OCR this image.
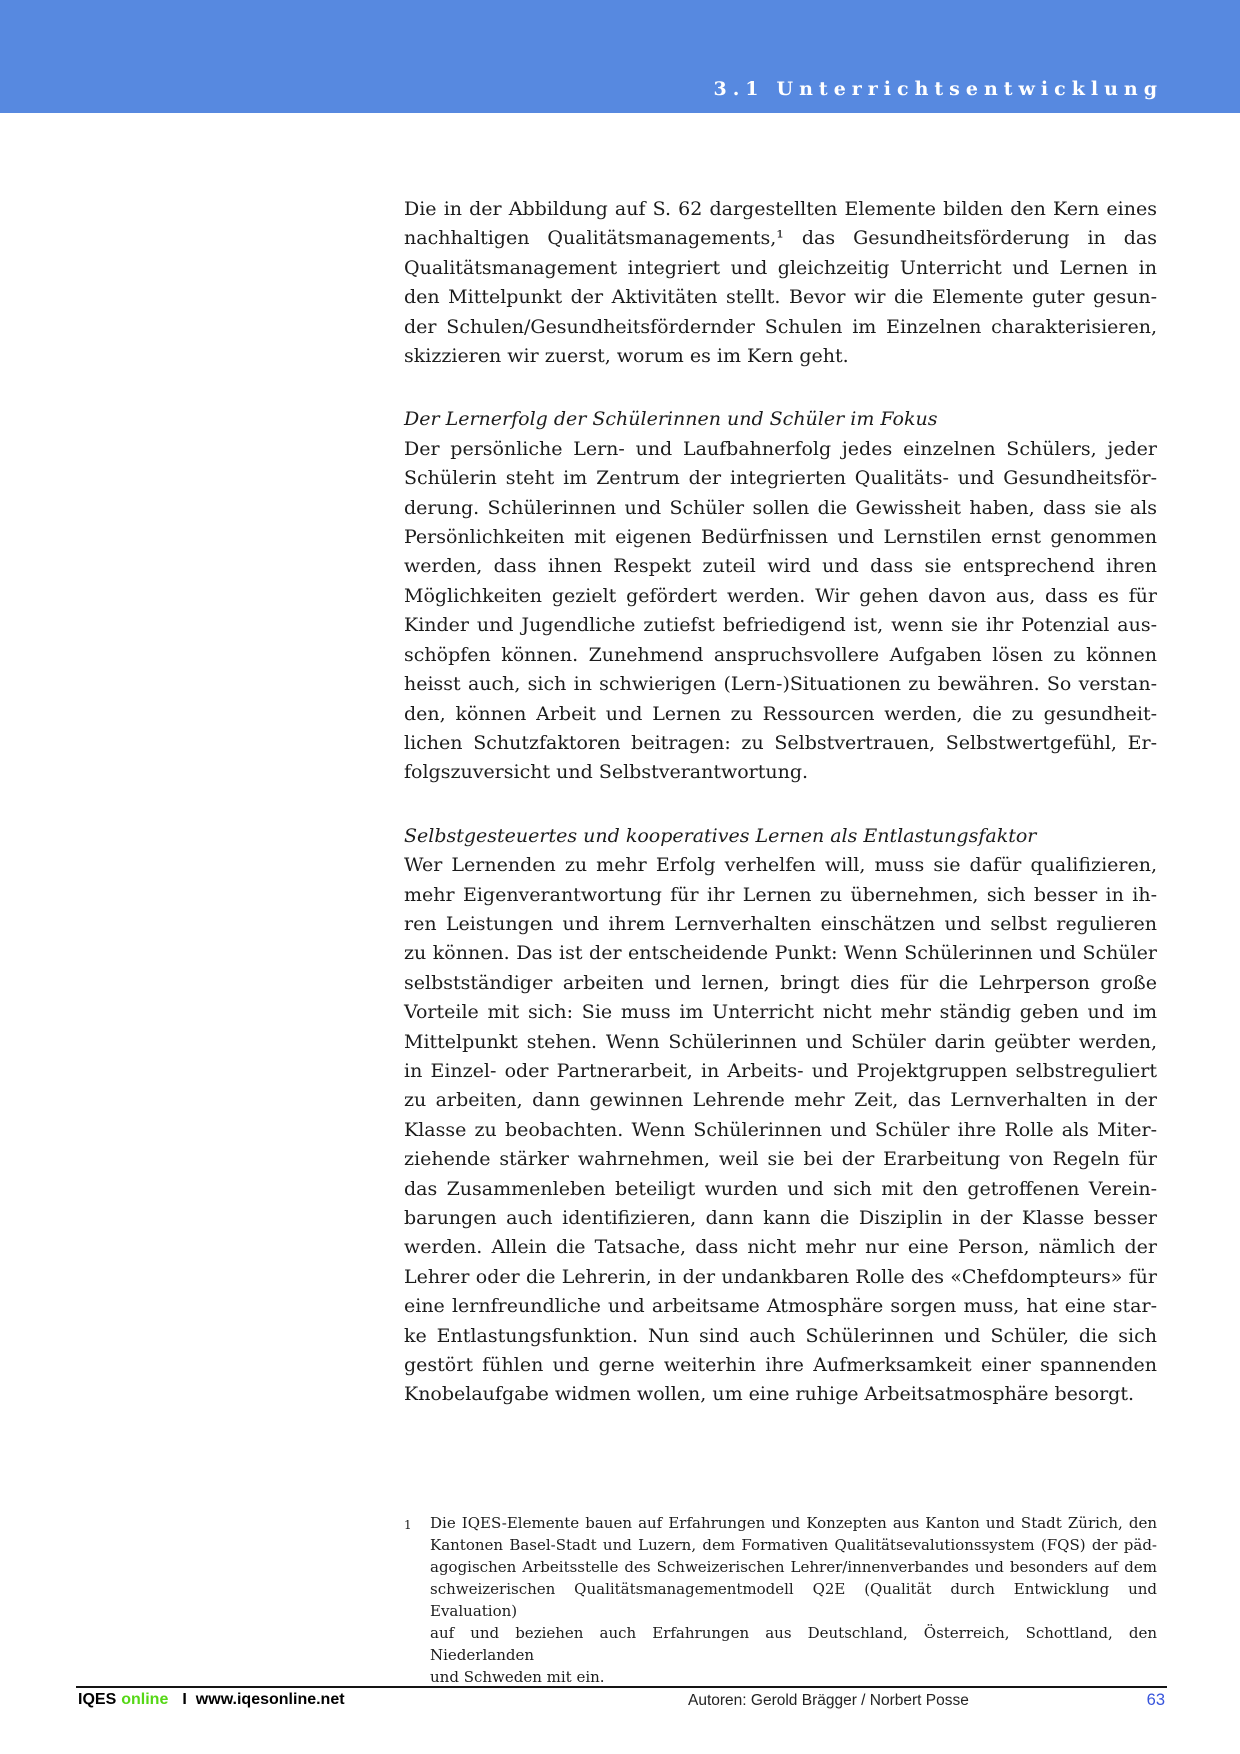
3.1 Unterrichtsentwicklung
Die in der Abbildung auf S. 62 dargestellten Elemente bilden den Kern eines
nachhaltigen Qualitätsmanagements,¹ das Gesundheitsförderung in das
Qualitätsmanagement integriert und gleichzeitig Unterricht und Lernen in
den Mittelpunkt der Aktivitäten stellt. Bevor wir die Elemente guter gesun-
der Schulen/Gesundheitsfördernder Schulen im Einzelnen charakterisieren,
skizzieren wir zuerst, worum es im Kern geht.
Der Lernerfolg der Schülerinnen und Schüler im Fokus
Der persönliche Lern- und Laufbahnerfolg jedes einzelnen Schülers, jeder
Schülerin steht im Zentrum der integrierten Qualitäts- und Gesundheitsför-
derung. Schülerinnen und Schüler sollen die Gewissheit haben, dass sie als
Persönlichkeiten mit eigenen Bedürfnissen und Lernstilen ernst genommen
werden, dass ihnen Respekt zuteil wird und dass sie entsprechend ihren
Möglichkeiten gezielt gefördert werden. Wir gehen davon aus, dass es für
Kinder und Jugendliche zutiefst befriedigend ist, wenn sie ihr Potenzial aus-
schöpfen können. Zunehmend anspruchsvollere Aufgaben lösen zu können
heisst auch, sich in schwierigen (Lern-)Situationen zu bewähren. So verstan-
den, können Arbeit und Lernen zu Ressourcen werden, die zu gesundheit-
lichen Schutzfaktoren beitragen: zu Selbstvertrauen, Selbstwertgefühl, Er-
folgszuversicht und Selbstverantwortung.
Selbstgesteuertes und kooperatives Lernen als Entlastungsfaktor
Wer Lernenden zu mehr Erfolg verhelfen will, muss sie dafür qualifizieren,
mehr Eigenverantwortung für ihr Lernen zu übernehmen, sich besser in ih-
ren Leistungen und ihrem Lernverhalten einschätzen und selbst regulieren
zu können. Das ist der entscheidende Punkt: Wenn Schülerinnen und Schüler
selbstständiger arbeiten und lernen, bringt dies für die Lehrperson große
Vorteile mit sich: Sie muss im Unterricht nicht mehr ständig geben und im
Mittelpunkt stehen. Wenn Schülerinnen und Schüler darin geübter werden,
in Einzel- oder Partnerarbeit, in Arbeits- und Projektgruppen selbstreguliert
zu arbeiten, dann gewinnen Lehrende mehr Zeit, das Lernverhalten in der
Klasse zu beobachten. Wenn Schülerinnen und Schüler ihre Rolle als Miter-
ziehende stärker wahrnehmen, weil sie bei der Erarbeitung von Regeln für
das Zusammenleben beteiligt wurden und sich mit den getroffenen Verein-
barungen auch identifizieren, dann kann die Disziplin in der Klasse besser
werden. Allein die Tatsache, dass nicht mehr nur eine Person, nämlich der
Lehrer oder die Lehrerin, in der undankbaren Rolle des «Chefdompteurs» für
eine lernfreundliche und arbeitsame Atmosphäre sorgen muss, hat eine star-
ke Entlastungsfunktion. Nun sind auch Schülerinnen und Schüler, die sich
gestört fühlen und gerne weiterhin ihre Aufmerksamkeit einer spannenden
Knobelaufgabe widmen wollen, um eine ruhige Arbeitsatmosphäre besorgt.
1	Die IQES-Elemente bauen auf Erfahrungen und Konzepten aus Kanton und Stadt Zürich, den
Kantonen Basel-Stadt und Luzern, dem Formativen Qualitätsevalutionssystem (FQS) der päd-
agogischen Arbeitsstelle des Schweizerischen Lehrer/innenverbandes und besonders auf dem
schweizerischen Qualitätsmanagementmodell Q2E (Qualität durch Entwicklung und Evaluation)
auf und beziehen auch Erfahrungen aus Deutschland, Österreich, Schottland, den Niederlanden
und Schweden mit ein.
IQES online I www.iqesonline.net	Autoren: Gerold Brägger / Norbert Posse	63
